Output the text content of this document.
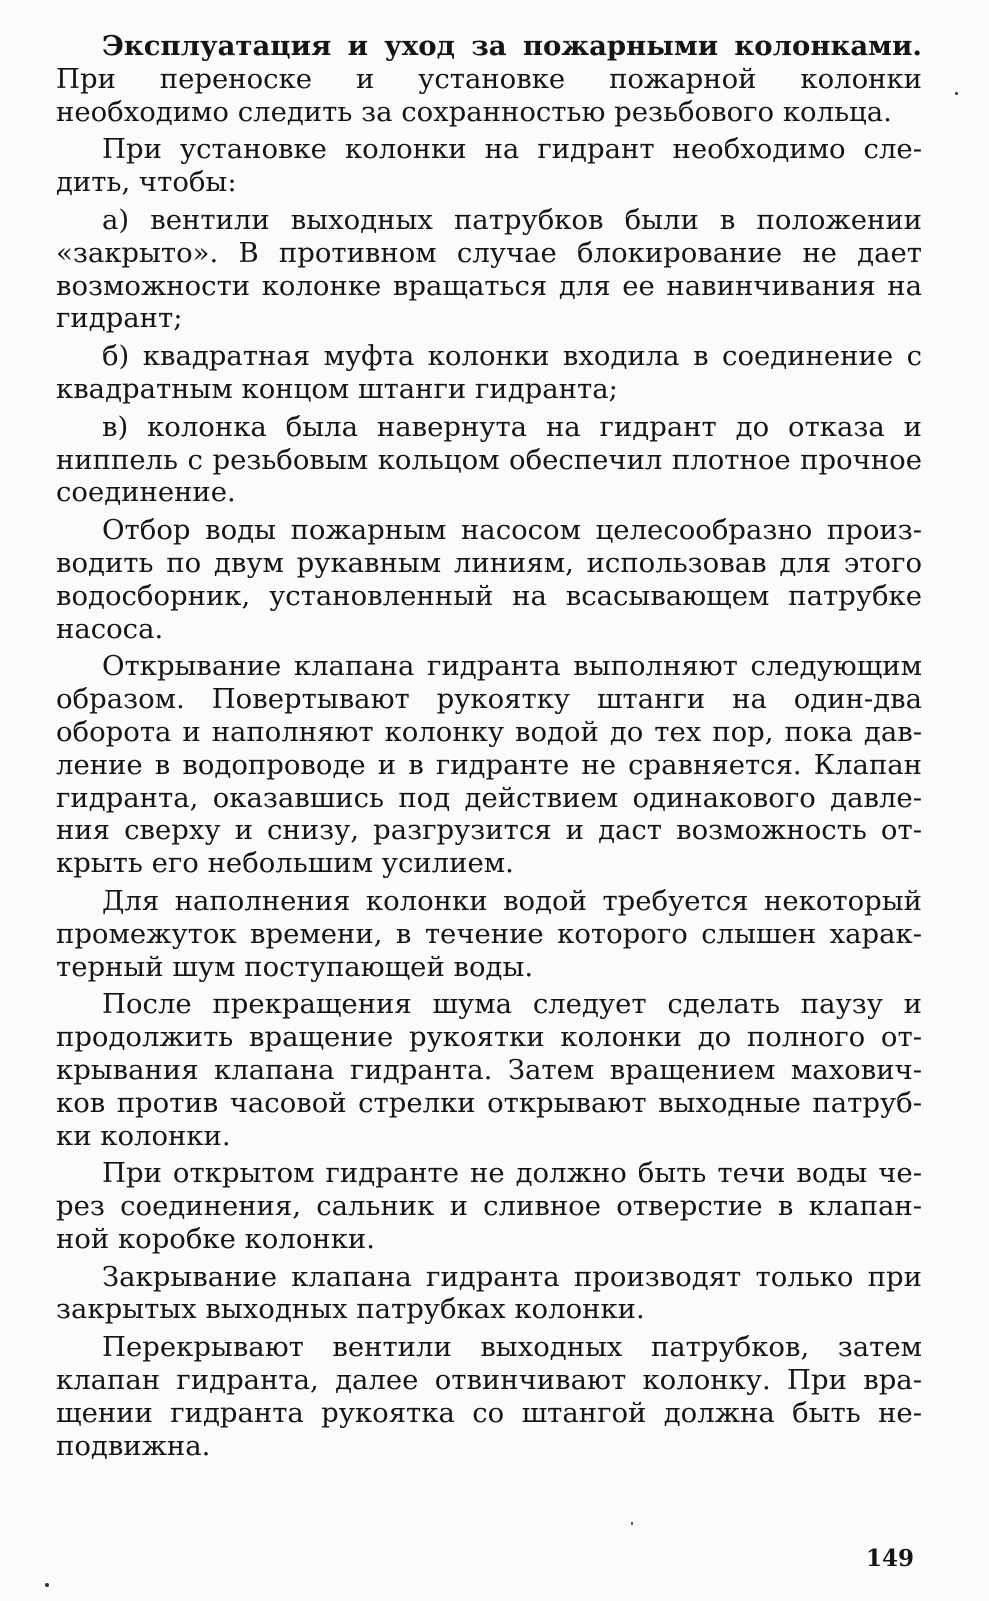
Эксплуатация и уход за пожарными колонками. При переноске и установке пожарной колонки необходимо следить за сохранностью резьбового кольца.

При установке колонки на гидрант необходимо сле-дить, чтобы:

а) вентили выходных патрубков были в положении «закрыто». В противном случае блокирование не дает возможности колонке вращаться для ее навинчивания на гидрант;

б) квадратная муфта колонки входила в соединение с квадратным концом штанги гидранта;

в) колонка была навернута на гидрант до отказа и ниппель с резьбовым кольцом обеспечил плотное прочное соединение.

Отбор воды пожарным насосом целесообразно произ-водить по двум рукавным линиям, использовав для этого водосборник, установленный на всасывающем патрубке насоса.

Открывание клапана гидранта выполняют следующим образом. Повертывают рукоятку штанги на один-два оборота и наполняют колонку водой до тех пор, пока дав-ление в водопроводе и в гидранте не сравняется. Клапан гидранта, оказавшись под действием одинакового давле-ния сверху и снизу, разгрузится и даст возможность от-крыть его небольшим усилием.

Для наполнения колонки водой требуется некоторый промежуток времени, в течение которого слышен харак-терный шум поступающей воды.

После прекращения шума следует сделать паузу и продолжить вращение рукоятки колонки до полного от-крывания клапана гидранта. Затем вращением махович-ков против часовой стрелки открывают выходные патруб-ки колонки.

При открытом гидранте не должно быть течи воды че-рез соединения, сальник и сливное отверстие в клапан-ной коробке колонки.

Закрывание клапана гидранта производят только при закрытых выходных патрубках колонки.

Перекрывают вентили выходных патрубков, затем клапан гидранта, далее отвинчивают колонку. При вра-щении гидранта рукоятка со штангой должна быть не-подвижна.

149
